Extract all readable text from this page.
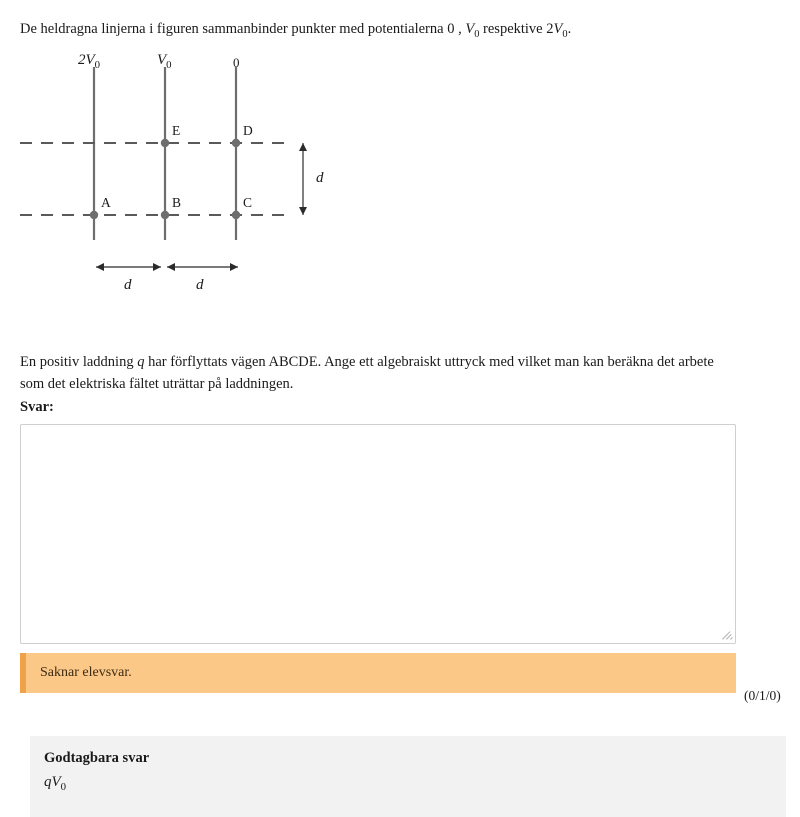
De heldragna linjerna i figuren sammanbinder punkter med potentialerna 0 , $V_0$ respektive $2V_0$.
$2V_0$	$V_0$	0
A	B	C
D
E
d
d	d
En positiv laddning q har förflyttats vägen ABCDE. Ange ett algebraiskt uttryck med vilket man kan beräkna det arbete som det elektriska fältet uträttar på laddningen.
Svar:
Saknar elevsvar.
(0/1/0)
Godtagbara svar
$qV_0$
